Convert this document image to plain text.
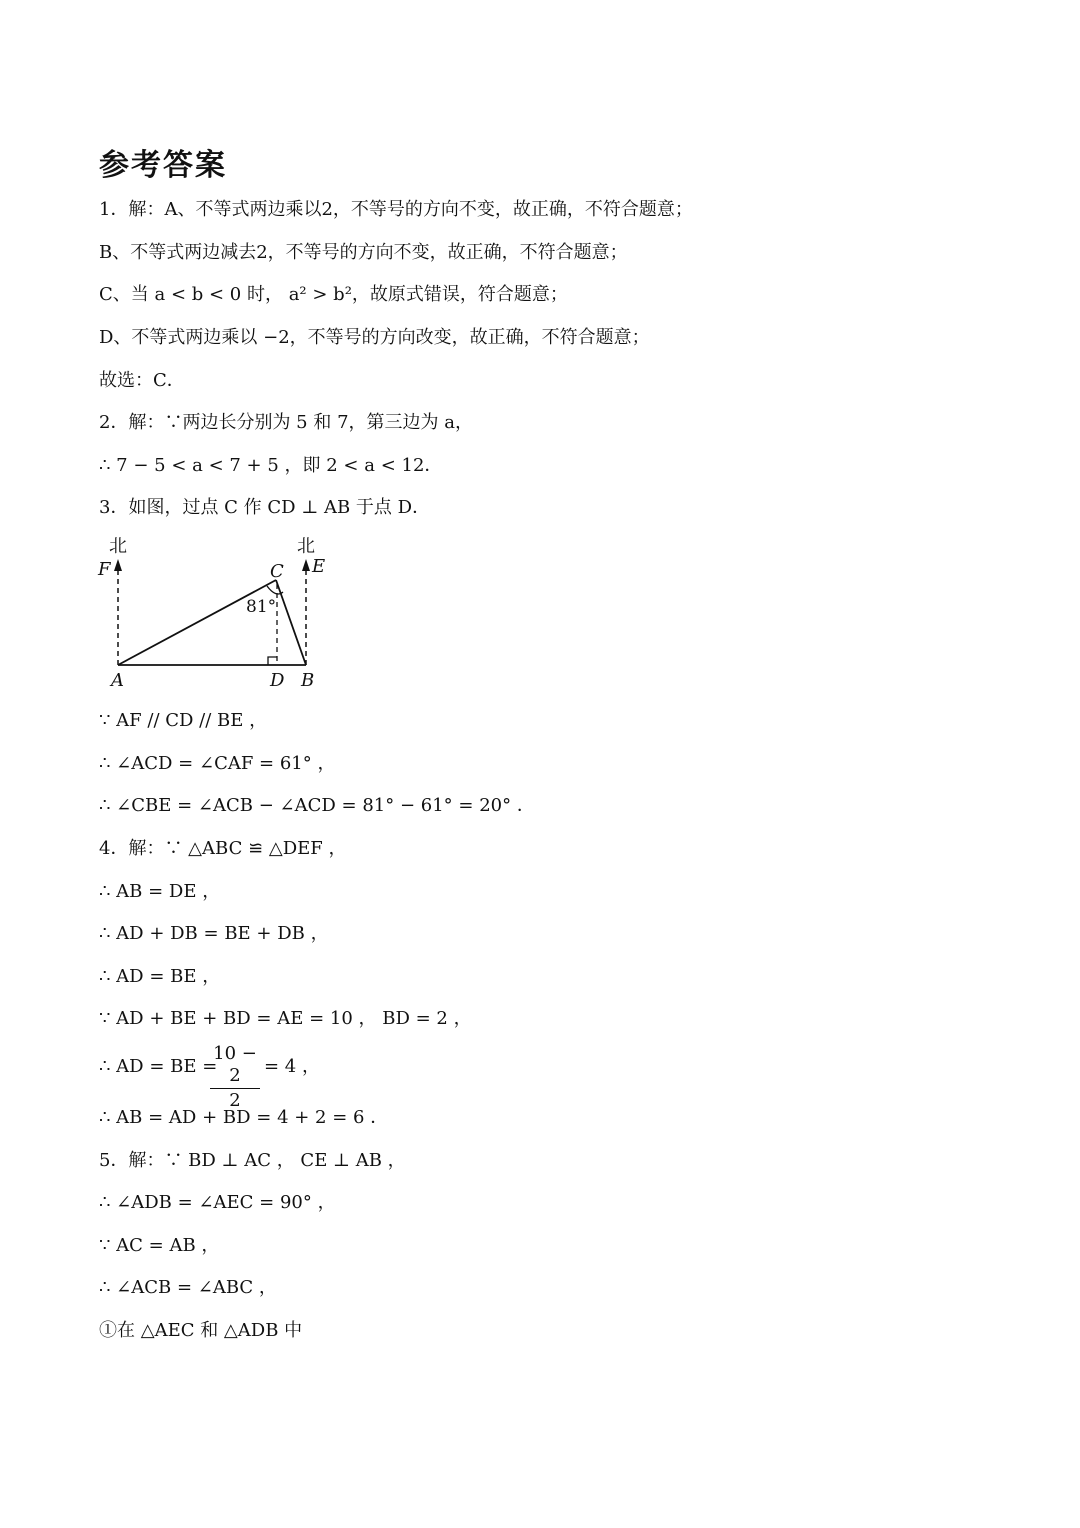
参考答案
1．解：A、不等式两边乘以2，不等号的方向不变，故正确，不符合题意；
B、不等式两边减去2，不等号的方向不变，故正确，不符合题意；
C、当 a < b < 0 时， a² > b²，故原式错误，符合题意；
D、不等式两边乘以 −2，不等号的方向改变，故正确，不符合题意；
故选：C．
2．解：∵两边长分别为 5 和 7，第三边为 a，
∴ 7 − 5 < a < 7 + 5 ，即 2 < a < 12．
3．如图，过点 C 作 CD ⊥ AB 于点 D．
北	北
F	E
C
81°
A	D B
∵ AF // CD // BE ，
∴ ∠ACD = ∠CAF = 61° ，
∴ ∠CBE = ∠ACB − ∠ACD = 81° − 61° = 20° ．
4．解：∵ △ABC ≌ △DEF ，
∴ AB = DE ，
∴ AD + DB = BE + DB ，
∴ AD = BE ，
∵ AD + BE + BD = AE = 10 ， BD = 2 ，
∴ AD = BE =
10 − 2
2
= 4 ，
∴ AB = AD + BD = 4 + 2 = 6 ．
5．解：∵ BD ⊥ AC ， CE ⊥ AB ，
∴ ∠ADB = ∠AEC = 90° ，
∵ AC = AB ，
∴ ∠ACB = ∠ABC ，
①在 △AEC 和 △ADB 中
